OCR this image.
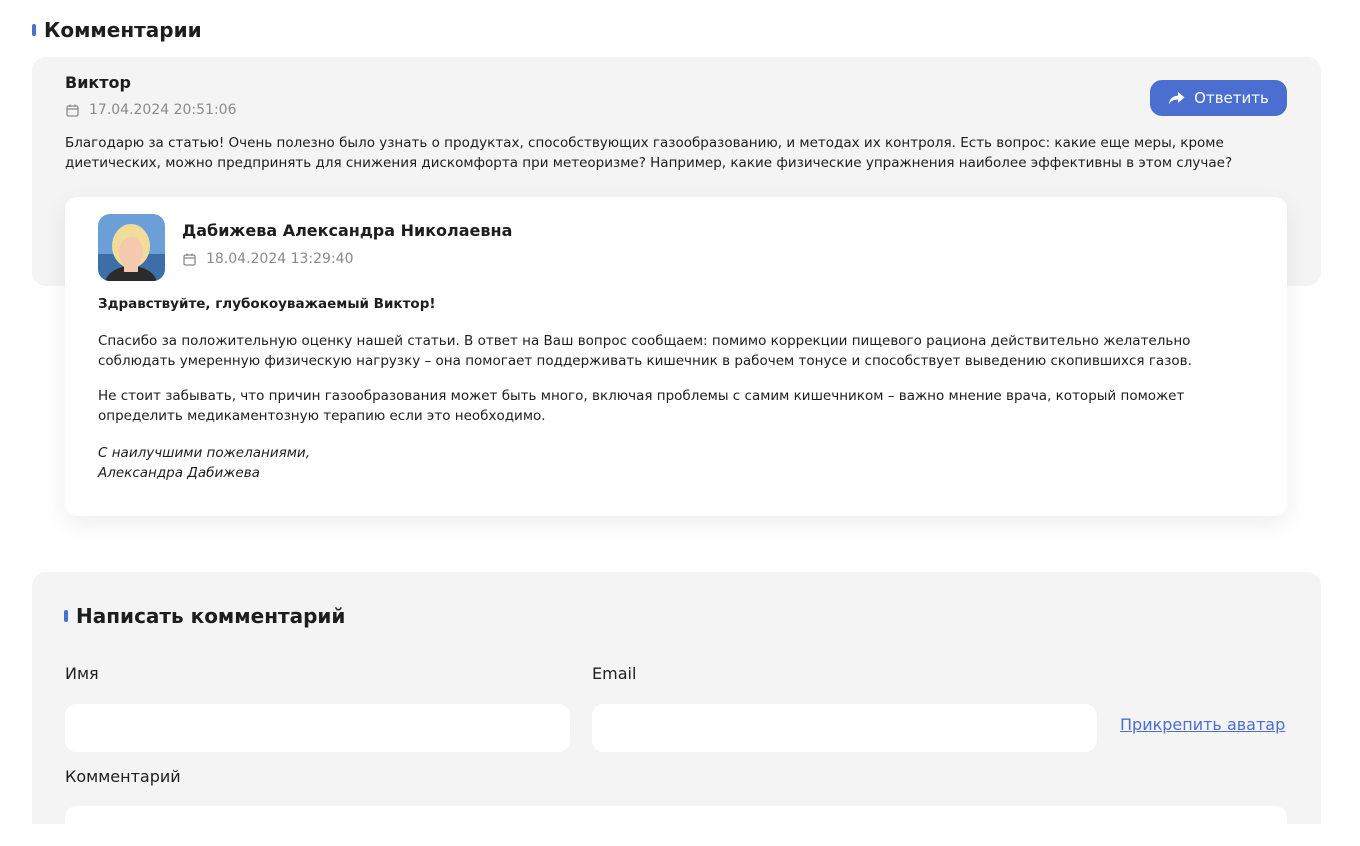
Комментарии
Виктор
17.04.2024 20:51:06
Ответить
Благодарю за статью! Очень полезно было узнать о продуктах, способствующих газообразованию, и методах их контроля. Есть вопрос: какие еще меры, кроме диетических, можно предпринять для снижения дискомфорта при метеоризме? Например, какие физические упражнения наиболее эффективны в этом случае?
Дабижева Александра Николаевна
18.04.2024 13:29:40
Здравствуйте, глубокоуважаемый Виктор!
Спасибо за положительную оценку нашей статьи. В ответ на Ваш вопрос сообщаем: помимо коррекции пищевого рациона действительно желательно соблюдать умеренную физическую нагрузку – она помогает поддерживать кишечник в рабочем тонусе и способствует выведению скопившихся газов.
Не стоит забывать, что причин газообразования может быть много, включая проблемы с самим кишечником – важно мнение врача, который поможет определить медикаментозную терапию если это необходимо.
С наилучшими пожеланиями,
Александра Дабижева
Написать комментарий
Имя	Email
Прикрепить аватар
Комментарий
